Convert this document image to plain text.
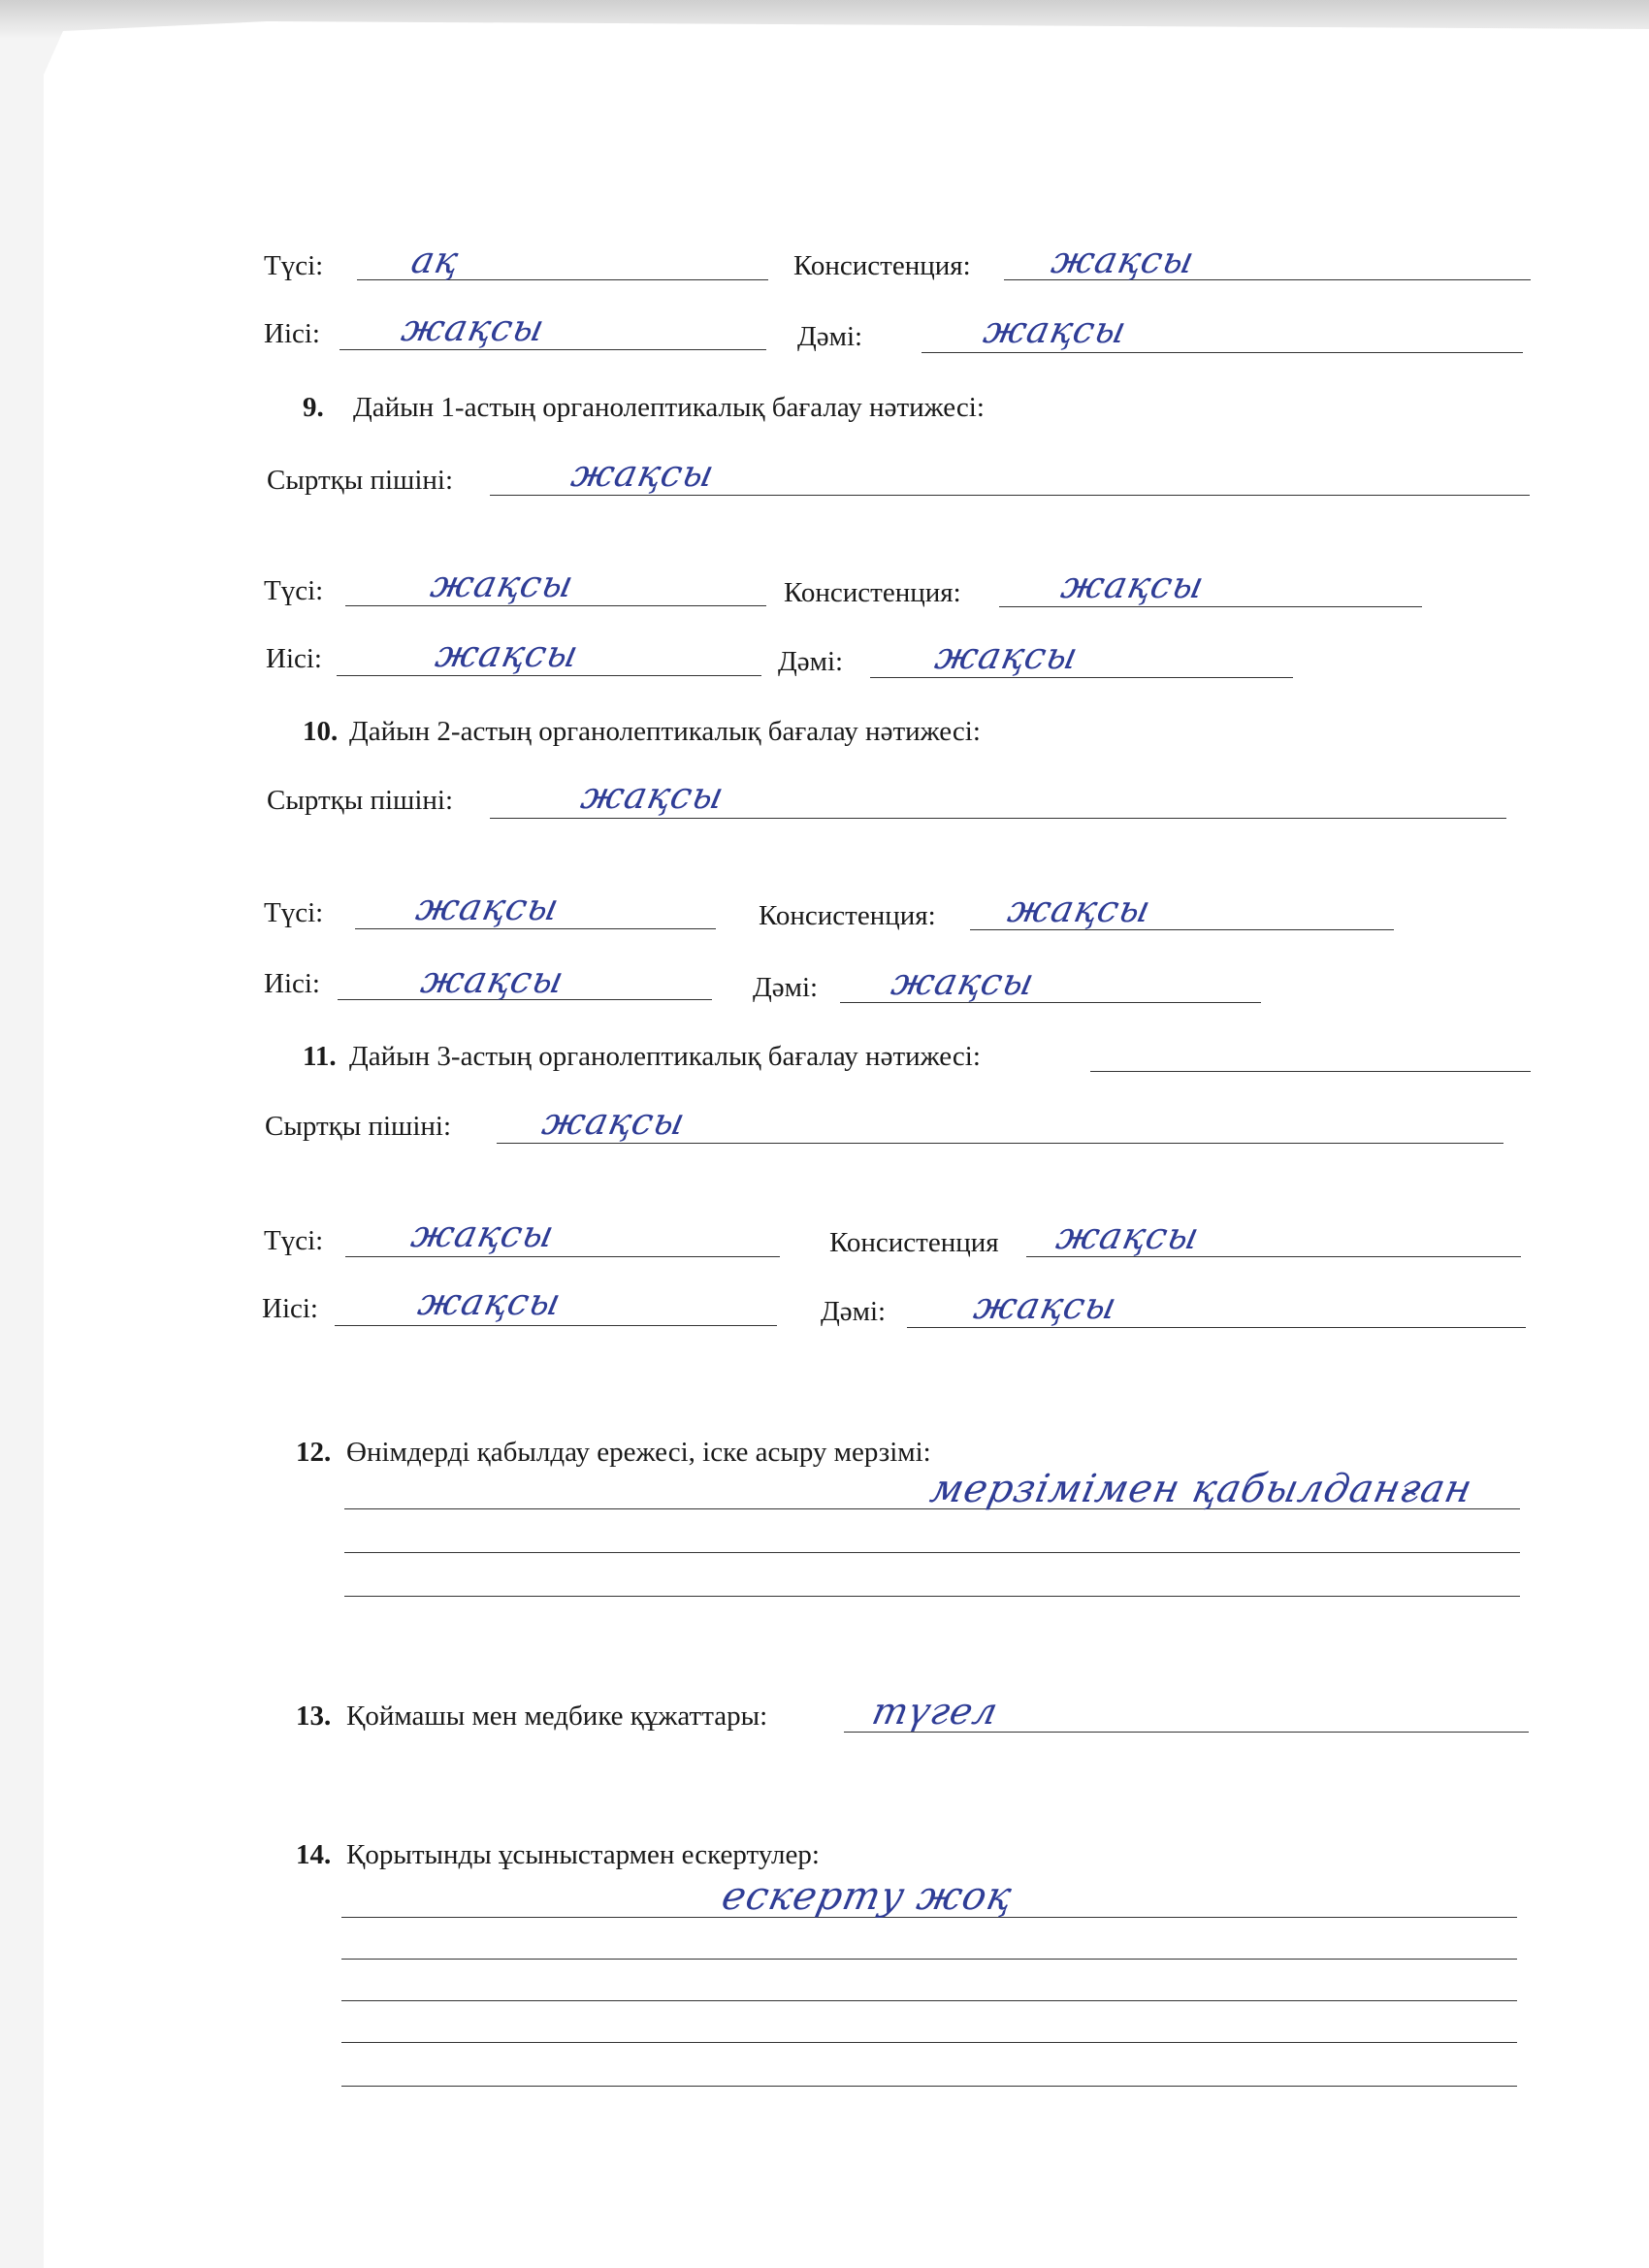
Түсі: ақ	Консистенция: жақсы
Иісі: жақсы	Дәмі:	жақсы
9. Дайын 1-астың органолептикалық бағалау нәтижесі:
Сыртқы пішіні:	жақсы
Түсі:	жақсы	Консистенция:	жақсы
Иісі:	жақсы	Дәмі: жақсы
10. Дайын 2-астың органолептикалық бағалау нәтижесі:
Сыртқы пішіні:	жақсы
Түсі: жақсы	Консистенция: жақсы
Иісі:	жақсы	Дәмі: жақсы
11. Дайын 3-астың органолептикалық бағалау нәтижесі:
Сыртқы пішіні: жақсы
Түсі: жақсы	Консистенция жақсы
Иісі:	жақсы	Дәмі: жақсы
12. Өнімдерді қабылдау ережесі, іске асыру мерзімі:
мерзімімен қабылданған
13. Қоймашы мен медбике құжаттары:	түгел
14. Қорытынды ұсыныстармен ескертулер:
ескерту жоқ
